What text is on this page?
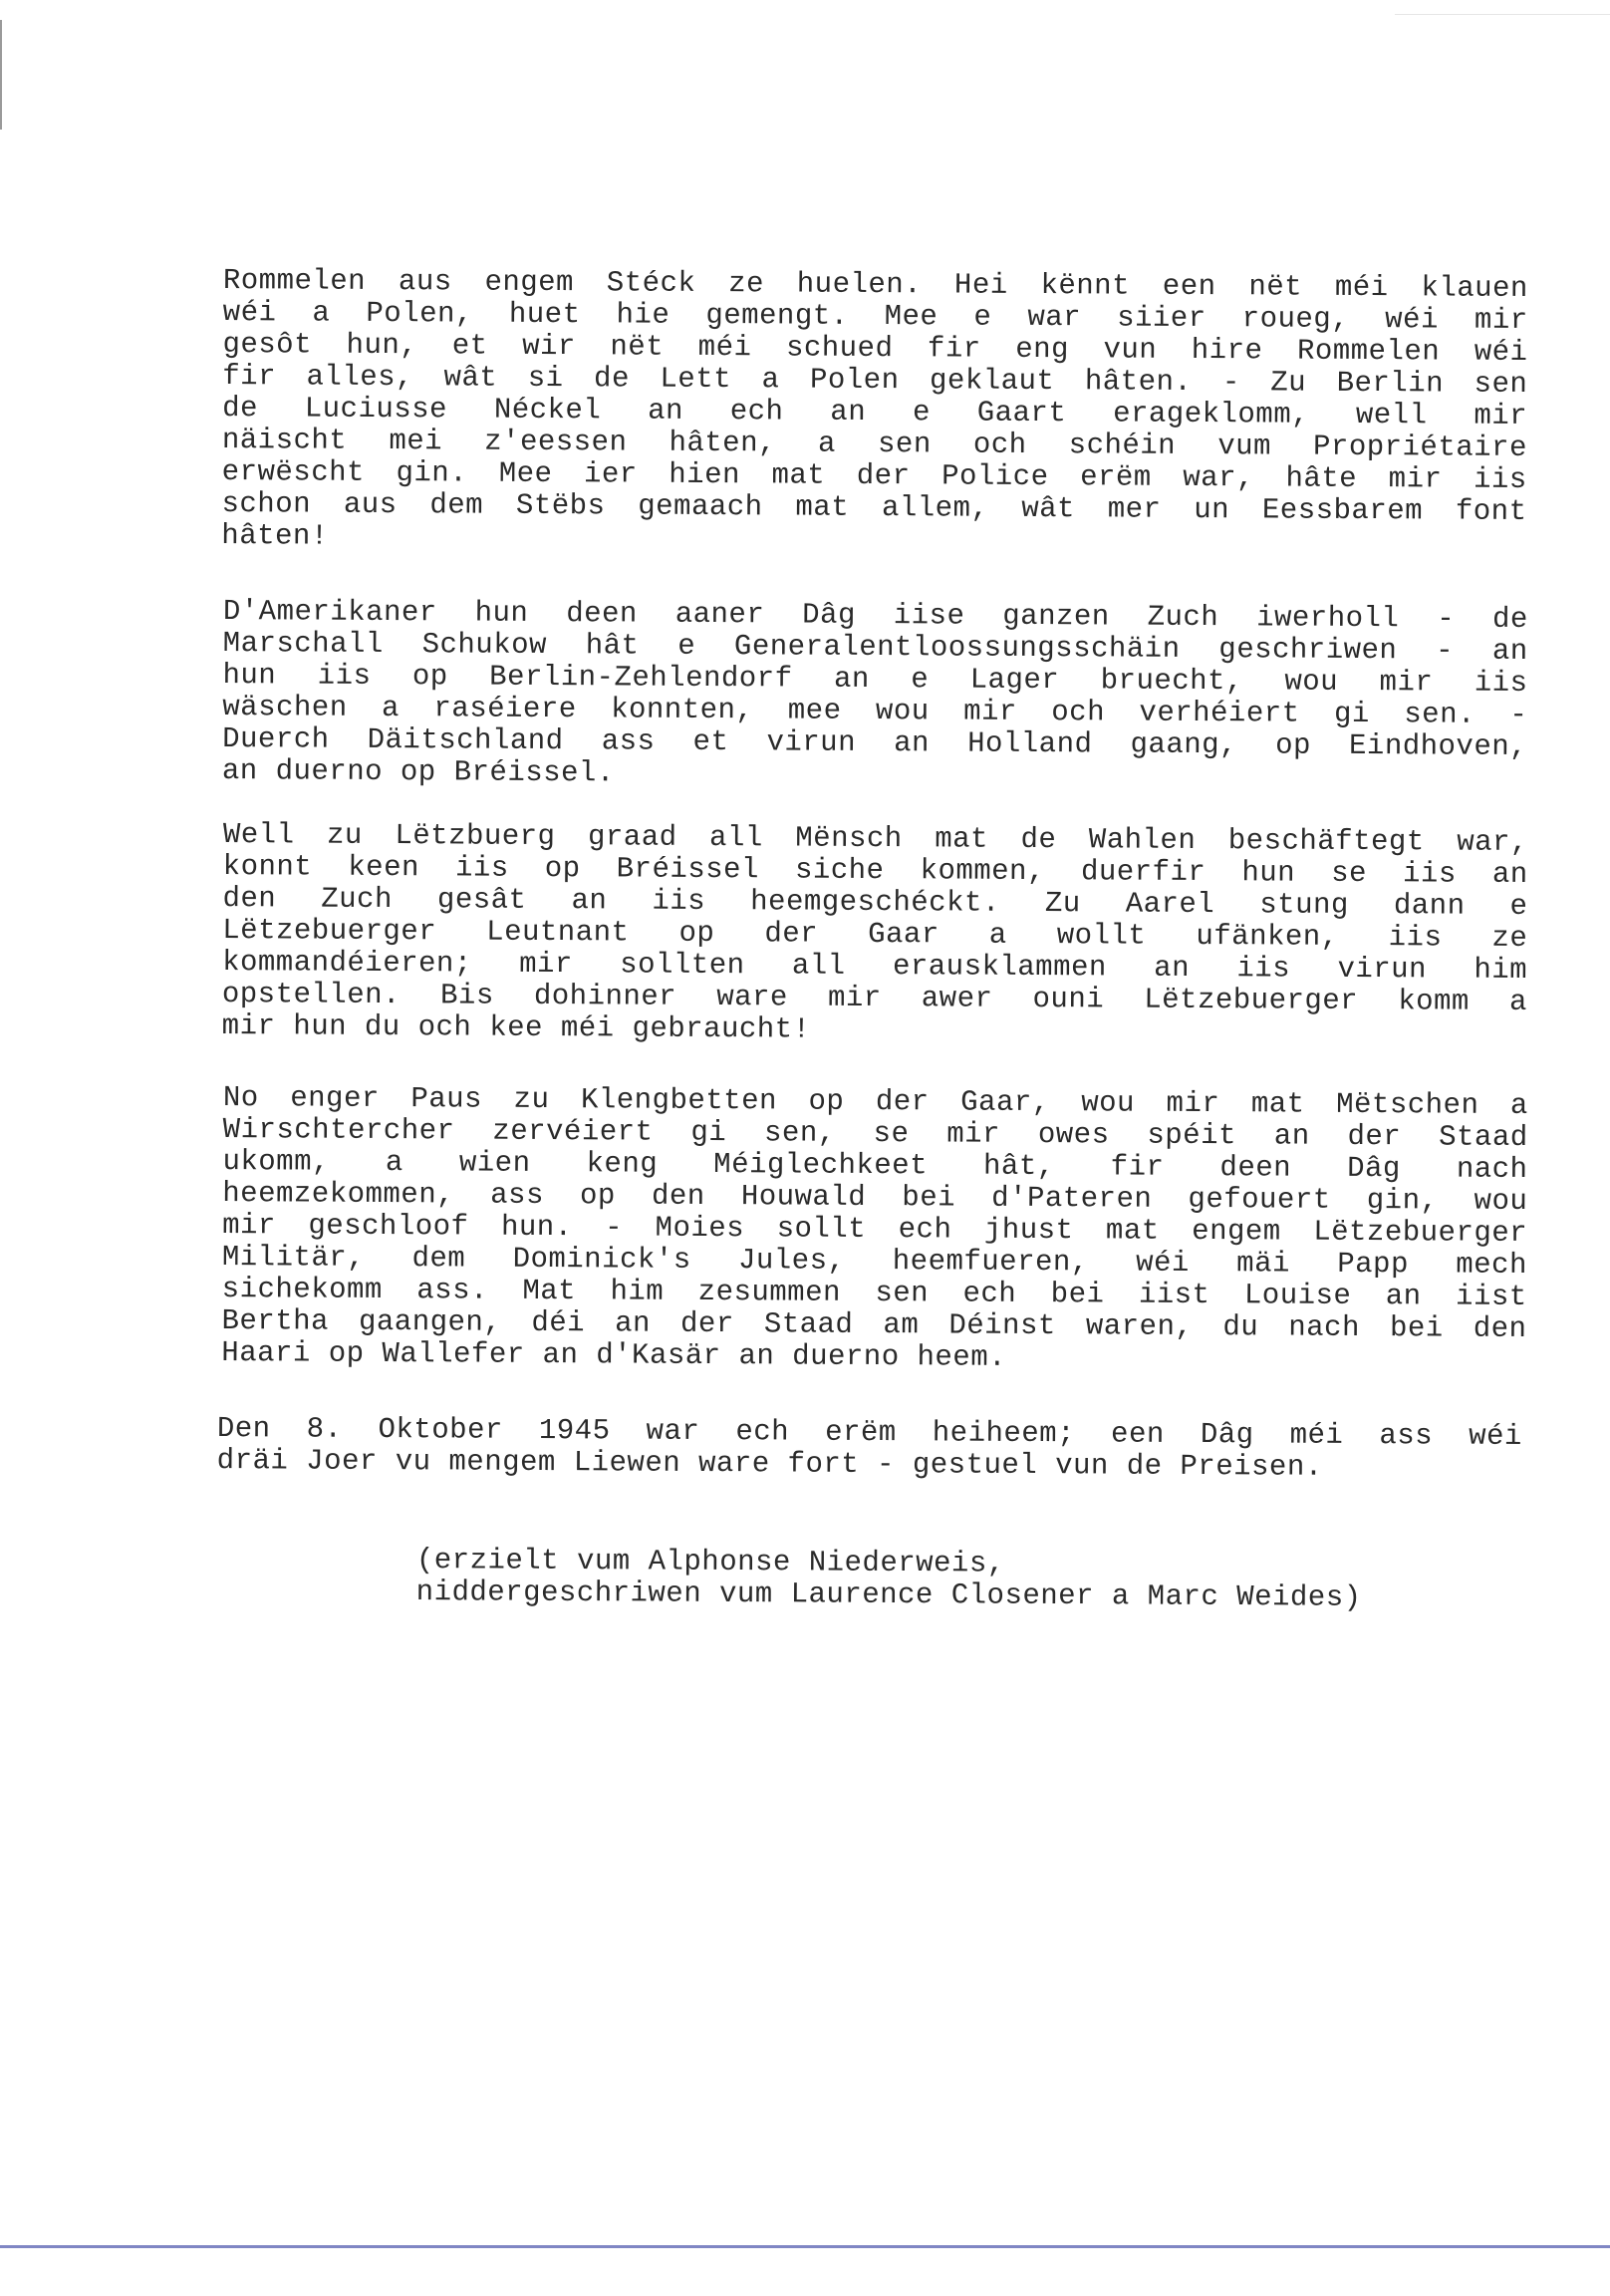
Rommelen aus engem Stéck ze huelen. Hei kënnt een nët méi klauen
wéi a Polen, huet hie gemengt. Mee e war siier roueg, wéi mir
gesôt hun, et wir nët méi schued fir eng vun hire Rommelen wéi
fir alles, wât si de Lett a Polen geklaut hâten. - Zu Berlin sen
de Luciusse Néckel an ech an e Gaart erageklomm, well mir
näischt mei z'eessen hâten, a sen och schéin vum Propriétaire
erwëscht gin. Mee ier hien mat der Police erëm war, hâte mir iis
schon aus dem Stëbs gemaach mat allem, wât mer un Eessbarem font
hâten!
D'Amerikaner hun deen aaner Dâg iise ganzen Zuch iwerholl - de
Marschall Schukow hât e Generalentloossungsschäin geschriwen - an
hun iis op Berlin-Zehlendorf an e Lager bruecht, wou mir iis
wäschen a raséiere konnten, mee wou mir och verhéiert gi sen. -
Duerch Däitschland ass et virun an Holland gaang, op Eindhoven,
an duerno op Bréissel.
Well zu Lëtzbuerg graad all Mënsch mat de Wahlen beschäftegt war,
konnt keen iis op Bréissel siche kommen, duerfir hun se iis an
den Zuch gesât an iis heemgeschéckt. Zu Aarel stung dann e
Lëtzebuerger Leutnant op der Gaar a wollt ufänken, iis ze
kommandéieren; mir sollten all erausklammen an iis virun him
opstellen. Bis dohinner ware mir awer ouni Lëtzebuerger komm a
mir hun du och kee méi gebraucht!
No enger Paus zu Klengbetten op der Gaar, wou mir mat Mëtschen a
Wirschtercher zervéiert gi sen, se mir owes spéit an der Staad
ukomm, a wien keng Méiglechkeet hât, fir deen Dâg nach
heemzekommen, ass op den Houwald bei d'Pateren gefouert gin, wou
mir geschloof hun. - Moies sollt ech jhust mat engem Lëtzebuerger
Militär, dem Dominick's Jules, heemfueren, wéi mäi Papp mech
sichekomm ass. Mat him zesummen sen ech bei iist Louise an iist
Bertha gaangen, déi an der Staad am Déinst waren, du nach bei den
Haari op Wallefer an d'Kasär an duerno heem.
Den 8. Oktober 1945 war ech erëm heiheem; een Dâg méi ass wéi
dräi Joer vu mengem Liewen ware fort - gestuel vun de Preisen.
(erzielt vum Alphonse Niederweis,
niddergeschriwen vum Laurence Closener a Marc Weides)
